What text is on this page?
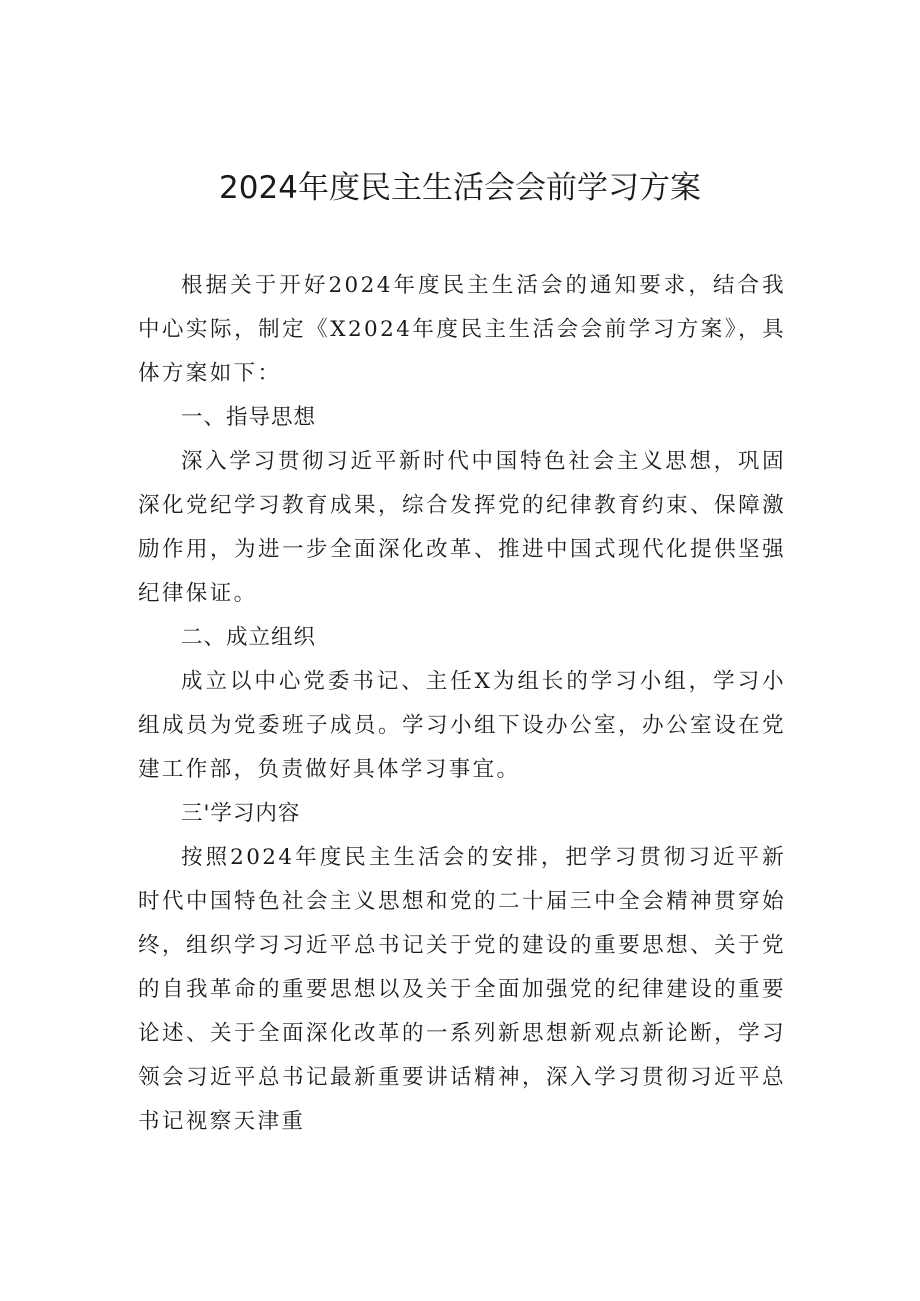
2024年度民主生活会会前学习方案

根据关于开好2024年度民主生活会的通知要求，结合我中心实际，制定《X2024年度民主生活会会前学习方案》，具体方案如下：

一、指导思想

深入学习贯彻习近平新时代中国特色社会主义思想，巩固深化党纪学习教育成果，综合发挥党的纪律教育约束、保障激励作用，为进一步全面深化改革、推进中国式现代化提供坚强纪律保证。

二、成立组织

成立以中心党委书记、主任X为组长的学习小组，学习小组成员为党委班子成员。学习小组下设办公室，办公室设在党建工作部，负责做好具体学习事宜。

三'学习内容

按照2024年度民主生活会的安排，把学习贯彻习近平新时代中国特色社会主义思想和党的二十届三中全会精神贯穿始终，组织学习习近平总书记关于党的建设的重要思想、关于党的自我革命的重要思想以及关于全面加强党的纪律建设的重要论述、关于全面深化改革的一系列新思想新观点新论断，学习领会习近平总书记最新重要讲话精神，深入学习贯彻习近平总书记视察天津重
